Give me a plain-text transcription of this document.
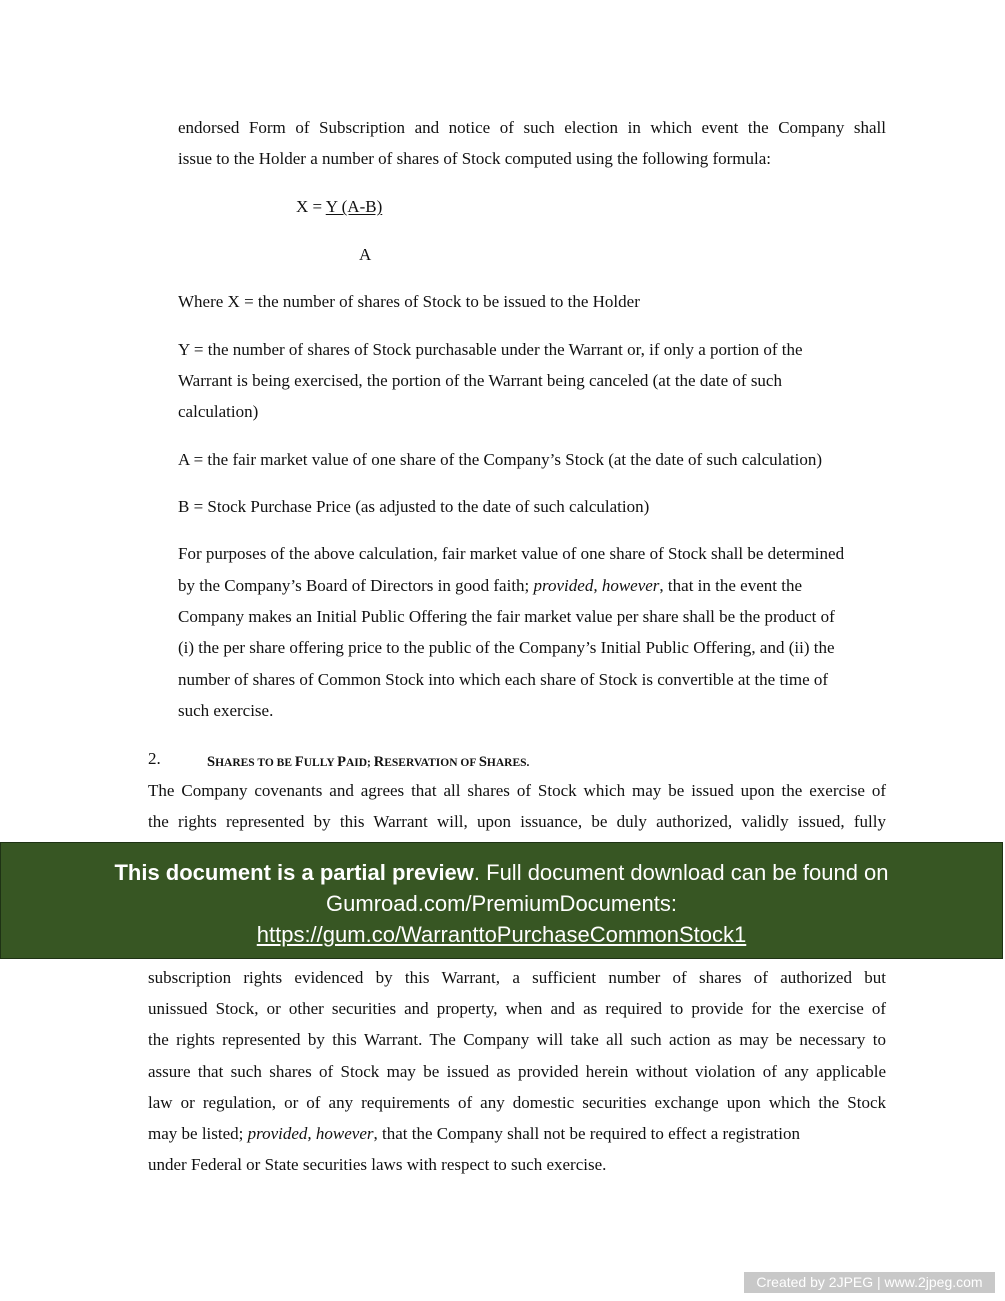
endorsed Form of Subscription and notice of such election in which event the Company shall
issue to the Holder a number of shares of Stock computed using the following formula:
X = Y (A-B)
A
Where X = the number of shares of Stock to be issued to the Holder
Y = the number of shares of Stock purchasable under the Warrant or, if only a portion of the
Warrant is being exercised, the portion of the Warrant being canceled (at the date of such
calculation)
A = the fair market value of one share of the Company’s Stock (at the date of such calculation)
B = Stock Purchase Price (as adjusted to the date of such calculation)
For purposes of the above calculation, fair market value of one share of Stock shall be determined
by the Company’s Board of Directors in good faith; provided, however, that in the event the
Company makes an Initial Public Offering the fair market value per share shall be the product of
(i) the per share offering price to the public of the Company’s Initial Public Offering, and (ii) the
number of shares of Common Stock into which each share of Stock is convertible at the time of
such exercise.
2.	SHARES TO BE FULLY PAID; RESERVATION OF SHARES.
The Company covenants and agrees that all shares of Stock which may be issued upon the exercise of
the rights represented by this Warrant will, upon issuance, be duly authorized, validly issued, fully
subscription rights evidenced by this Warrant, a sufficient number of shares of authorized but
unissued Stock, or other securities and property, when and as required to provide for the exercise of
the rights represented by this Warrant. The Company will take all such action as may be necessary to
assure that such shares of Stock may be issued as provided herein without violation of any applicable
law or regulation, or of any requirements of any domestic securities exchange upon which the Stock
may be listed; provided, however, that the Company shall not be required to effect a registration
under Federal or State securities laws with respect to such exercise.
This document is a partial preview. Full document download can be found on
Gumroad.com/PremiumDocuments:
https://gum.co/WarranttoPurchaseCommonStock1
Created by 2JPEG | www.2jpeg.com
